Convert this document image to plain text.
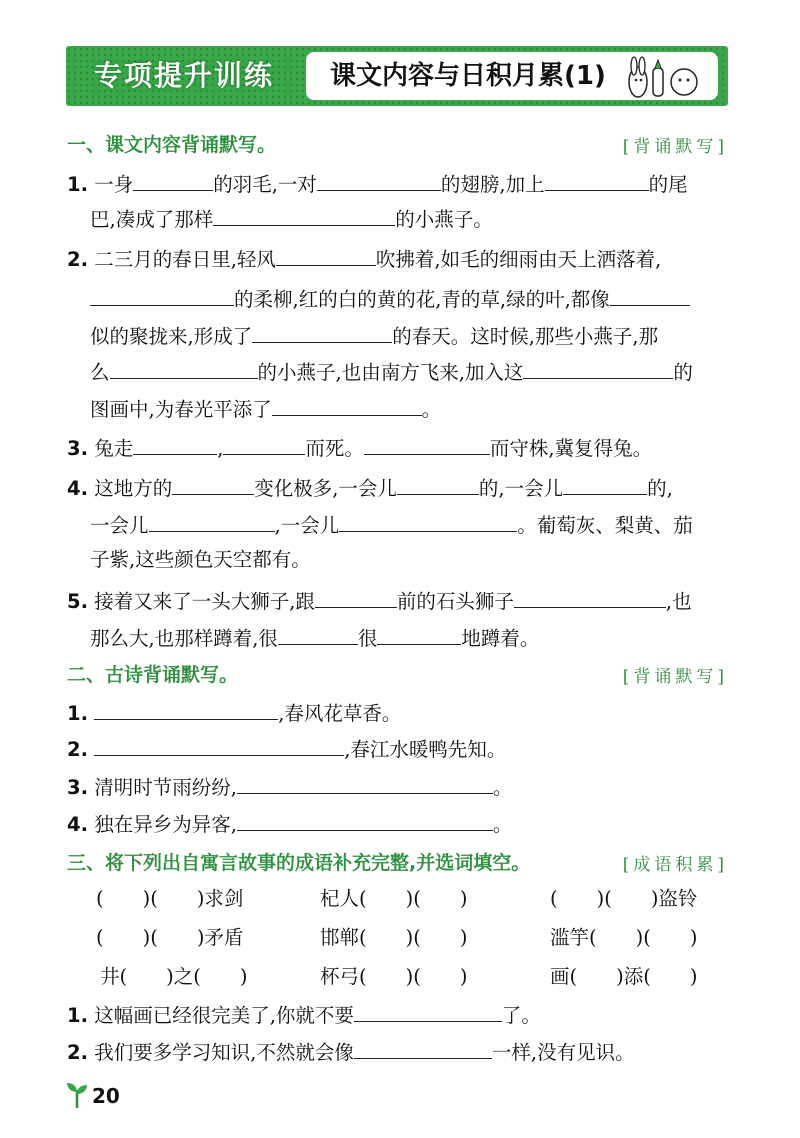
专项提升训练	课文内容与日积月累(1)
一、课文内容背诵默写。	[背诵默写]
1. 一身	的羽毛,一对	的翅膀,加上	的尾
巴,凑成了那样	的小燕子。
2. 二三月的春日里,轻风	吹拂着,如毛的细雨由天上洒落着,
的柔柳,红的白的黄的花,青的草,绿的叶,都像
似的聚拢来,形成了	的春天。这时候,那些小燕子,那
么	的小燕子,也由南方飞来,加入这	的
图画中,为春光平添了	。
3. 兔走	,	而死。	而守株,冀复得兔。
4. 这地方的	变化极多,一会儿	的,一会儿	的,
一会儿	,一会儿	。葡萄灰、梨黄、茄
子紫,这些颜色天空都有。
5. 接着又来了一头大狮子,跟	前的石头狮子	,也
那么大,也那样蹲着,很	很	地蹲着。
二、古诗背诵默写。	[背诵默写]
1.	,春风花草香。
2.	,春江水暖鸭先知。
3. 清明时节雨纷纷,	。
4. 独在异乡为异客,	。
三、将下列出自寓言故事的成语补充完整,并选词填空。	[成语积累]
(　　)(　　)求剑	杞人(　　)(　　)	(　　)(　　)盗铃
(　　)(　　)矛盾	邯郸(　　)(　　)	滥竽(　　)(　　)
井(　　)之(　　)	杯弓(　　)(　　)	画(　　)添(　　)
1. 这幅画已经很完美了,你就不要	了。
2. 我们要多学习知识,不然就会像	一样,没有见识。
20
